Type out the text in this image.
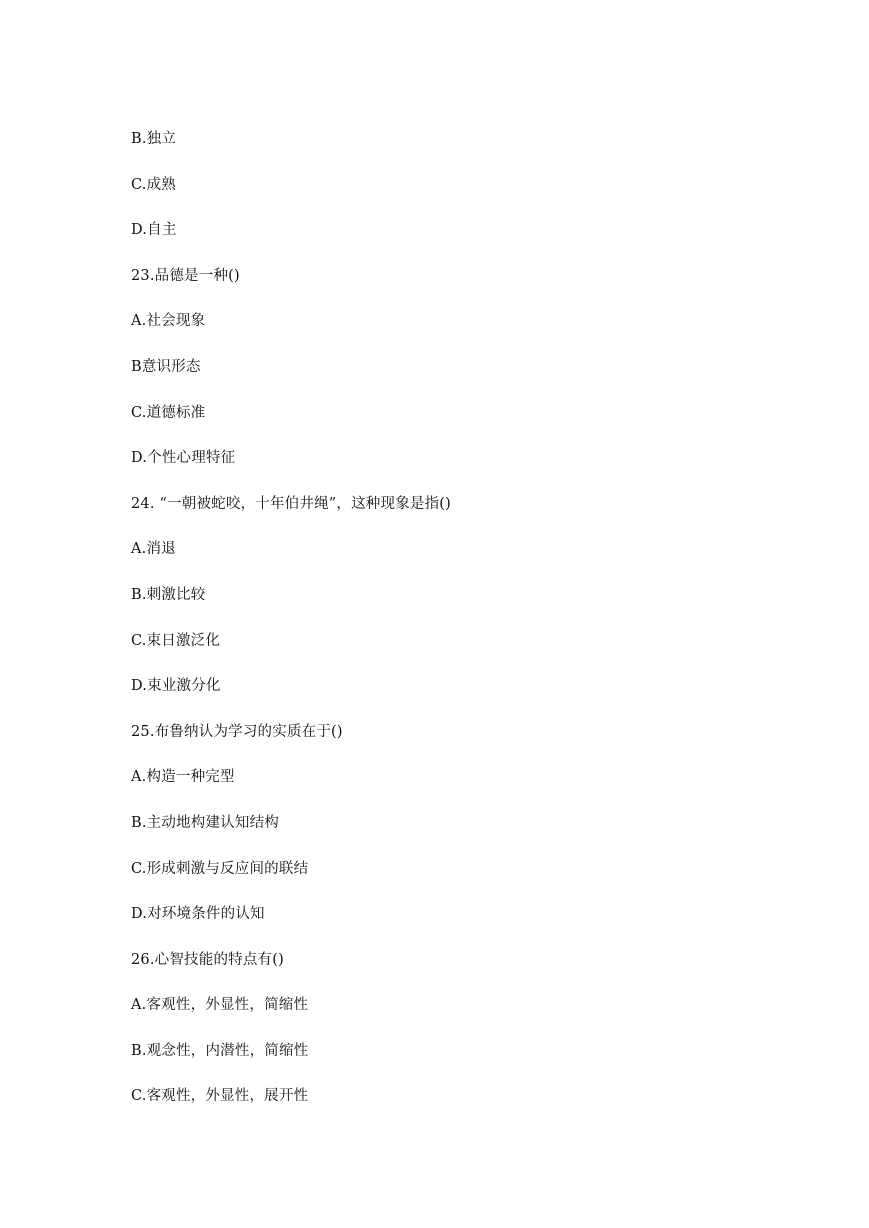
B.独立
C.成熟
D.自主
23.品德是一种()
A.社会现象
B意识形态
C.道德标准
D.个性心理特征
24. “一朝被蛇咬，十年伯井绳”，这种现象是指()
A.消退
B.刺激比较
C.束日激泛化
D.束业激分化
25.布鲁纳认为学习的实质在于()
A.构造一种完型
B.主动地构建认知结构
C.形成刺激与反应间的联结
D.对环境条件的认知
26.心智技能的特点有()
A.客观性，外显性，简缩性
B.观念性，内潜性，简缩性
C.客观性，外显性，展开性
